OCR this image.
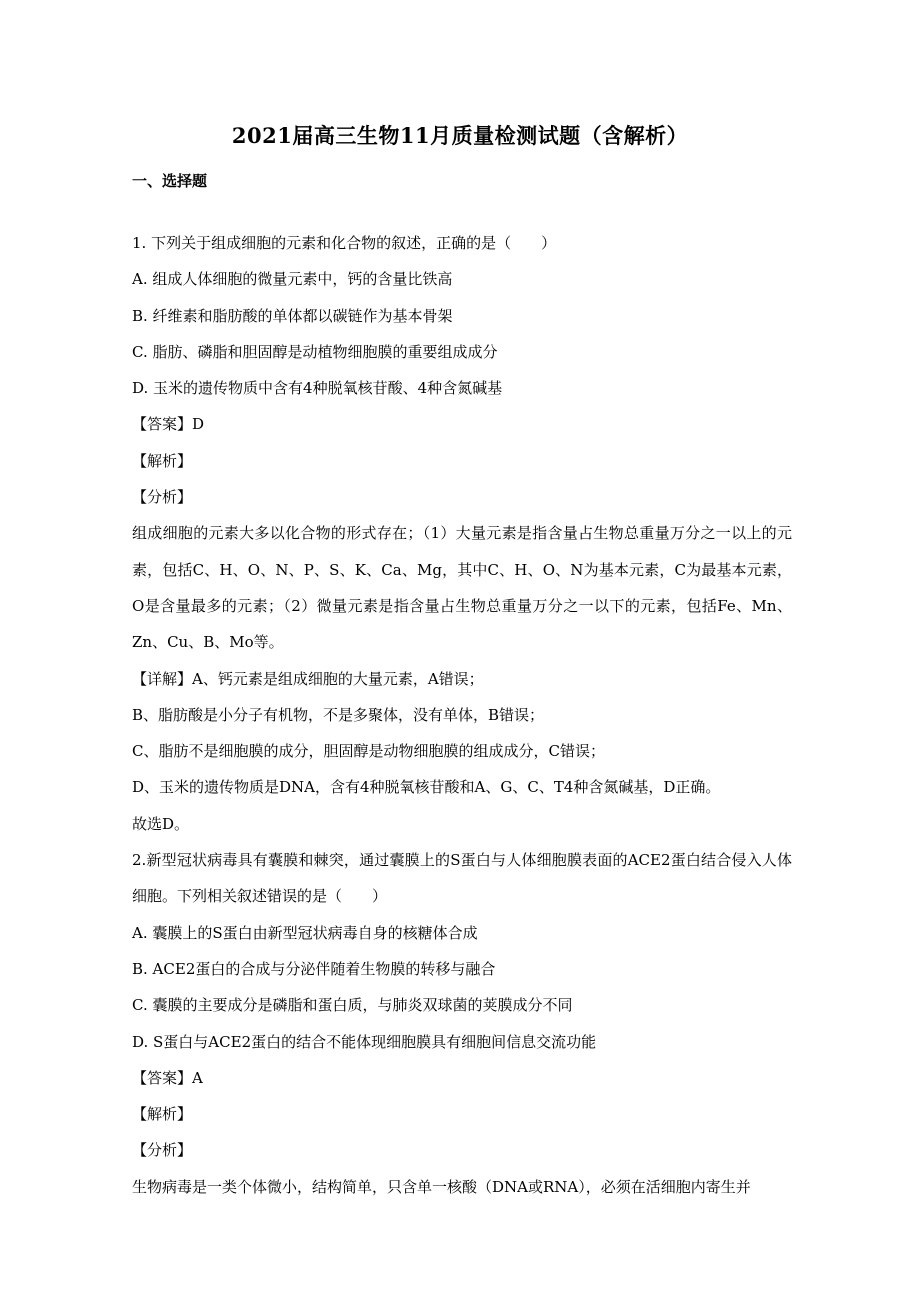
2021届高三生物11月质量检测试题（含解析）
一、选择题
1. 下列关于组成细胞的元素和化合物的叙述，正确的是（　　）
A. 组成人体细胞的微量元素中，钙的含量比铁高
B. 纤维素和脂肪酸的单体都以碳链作为基本骨架
C. 脂肪、磷脂和胆固醇是动植物细胞膜的重要组成成分
D. 玉米的遗传物质中含有4种脱氧核苷酸、4种含氮碱基
【答案】D
【解析】
【分析】
组成细胞的元素大多以化合物的形式存在；（1）大量元素是指含量占生物总重量万分之一以上的元素，包括C、H、O、N、P、S、K、Ca、Mg，其中C、H、O、N为基本元素，C为最基本元素，O是含量最多的元素；（2）微量元素是指含量占生物总重量万分之一以下的元素，包括Fe、Mn、Zn、Cu、B、Mo等。
【详解】A、钙元素是组成细胞的大量元素，A错误；
B、脂肪酸是小分子有机物，不是多聚体，没有单体，B错误；
C、脂肪不是细胞膜的成分，胆固醇是动物细胞膜的组成成分，C错误；
D、玉米的遗传物质是DNA，含有4种脱氧核苷酸和A、G、C、T4种含氮碱基，D正确。
故选D。
2.新型冠状病毒具有囊膜和棘突，通过囊膜上的S蛋白与人体细胞膜表面的ACE2蛋白结合侵入人体细胞。下列相关叙述错误的是（　　）
A. 囊膜上的S蛋白由新型冠状病毒自身的核糖体合成
B. ACE2蛋白的合成与分泌伴随着生物膜的转移与融合
C. 囊膜的主要成分是磷脂和蛋白质，与肺炎双球菌的荚膜成分不同
D. S蛋白与ACE2蛋白的结合不能体现细胞膜具有细胞间信息交流功能
【答案】A
【解析】
【分析】
生物病毒是一类个体微小，结构简单，只含单一核酸（DNA或RNA），必须在活细胞内寄生并
